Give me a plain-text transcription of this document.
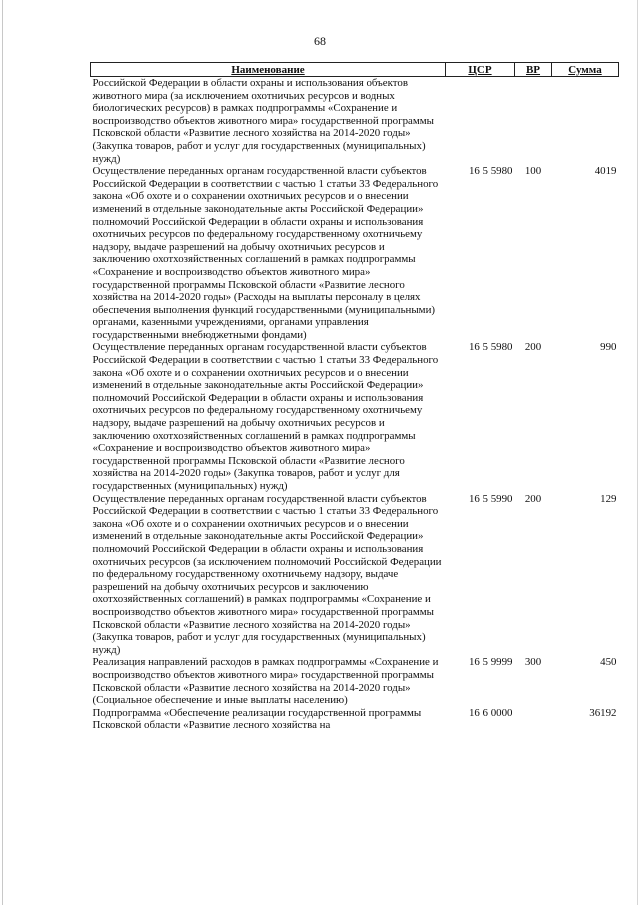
68
Наименование	ЦСР	ВР	Сумма
Российской Федерации в области охраны и использования объектов животного мира (за исключением охотничьих ресурсов и водных биологических ресурсов) в рамках подпрограммы «Сохранение и воспроизводство объектов животного мира» государственной программы Псковской области «Развитие лесного хозяйства на 2014-2020 годы» (Закупка товаров, работ и услуг для государственных (муниципальных) нужд)			
Осуществление переданных органам государственной власти субъектов Российской Федерации в соответствии с частью 1 статьи 33 Федерального закона «Об охоте и о сохранении охотничьих ресурсов и о внесении изменений в отдельные законодательные акты Российской Федерации» полномочий Российской Федерации в области охраны и использования охотничьих ресурсов по федеральному государственному охотничьему надзору, выдаче разрешений на добычу охотничьих ресурсов и заключению охотхозяйственных соглашений в рамках подпрограммы «Сохранение и воспроизводство объектов животного мира» государственной программы Псковской области «Развитие лесного хозяйства на 2014-2020 годы» (Расходы на выплаты персоналу в целях обеспечения выполнения функций государственными (муниципальными) органами, казенными учреждениями, органами управления государственными внебюджетными фондами)	16 5 5980	100	4019
Осуществление переданных органам государственной власти субъектов Российской Федерации в соответствии с частью 1 статьи 33 Федерального закона «Об охоте и о сохранении охотничьих ресурсов и о внесении изменений в отдельные законодательные акты Российской Федерации» полномочий Российской Федерации в области охраны и использования охотничьих ресурсов по федеральному государственному охотничьему надзору, выдаче разрешений на добычу охотничьих ресурсов и заключению охотхозяйственных соглашений в рамках подпрограммы «Сохранение и воспроизводство объектов животного мира» государственной программы Псковской области «Развитие лесного хозяйства на 2014-2020 годы» (Закупка товаров, работ и услуг для государственных (муниципальных) нужд)	16 5 5980	200	990
Осуществление переданных органам государственной власти субъектов Российской Федерации в соответствии с частью 1 статьи 33 Федерального закона «Об охоте и о сохранении охотничьих ресурсов и о внесении изменений в отдельные законодательные акты Российской Федерации» полномочий Российской Федерации в области охраны и использования охотничьих ресурсов (за исключением полномочий Российской Федерации по федеральному государственному охотничьему надзору, выдаче разрешений на добычу охотничьих ресурсов и заключению охотхозяйственных соглашений) в рамках подпрограммы «Сохранение и воспроизводство объектов животного мира» государственной программы Псковской области «Развитие лесного хозяйства на 2014-2020 годы» (Закупка товаров, работ и услуг для государственных (муниципальных) нужд)	16 5 5990	200	129
Реализация направлений расходов в рамках подпрограммы «Сохранение и воспроизводство объектов животного мира» государственной программы Псковской области «Развитие лесного хозяйства на 2014-2020 годы» (Социальное обеспечение и иные выплаты населению)	16 5 9999	300	450
Подпрограмма «Обеспечение реализации государственной программы Псковской области «Развитие лесного хозяйства на	16 6 0000		36192
